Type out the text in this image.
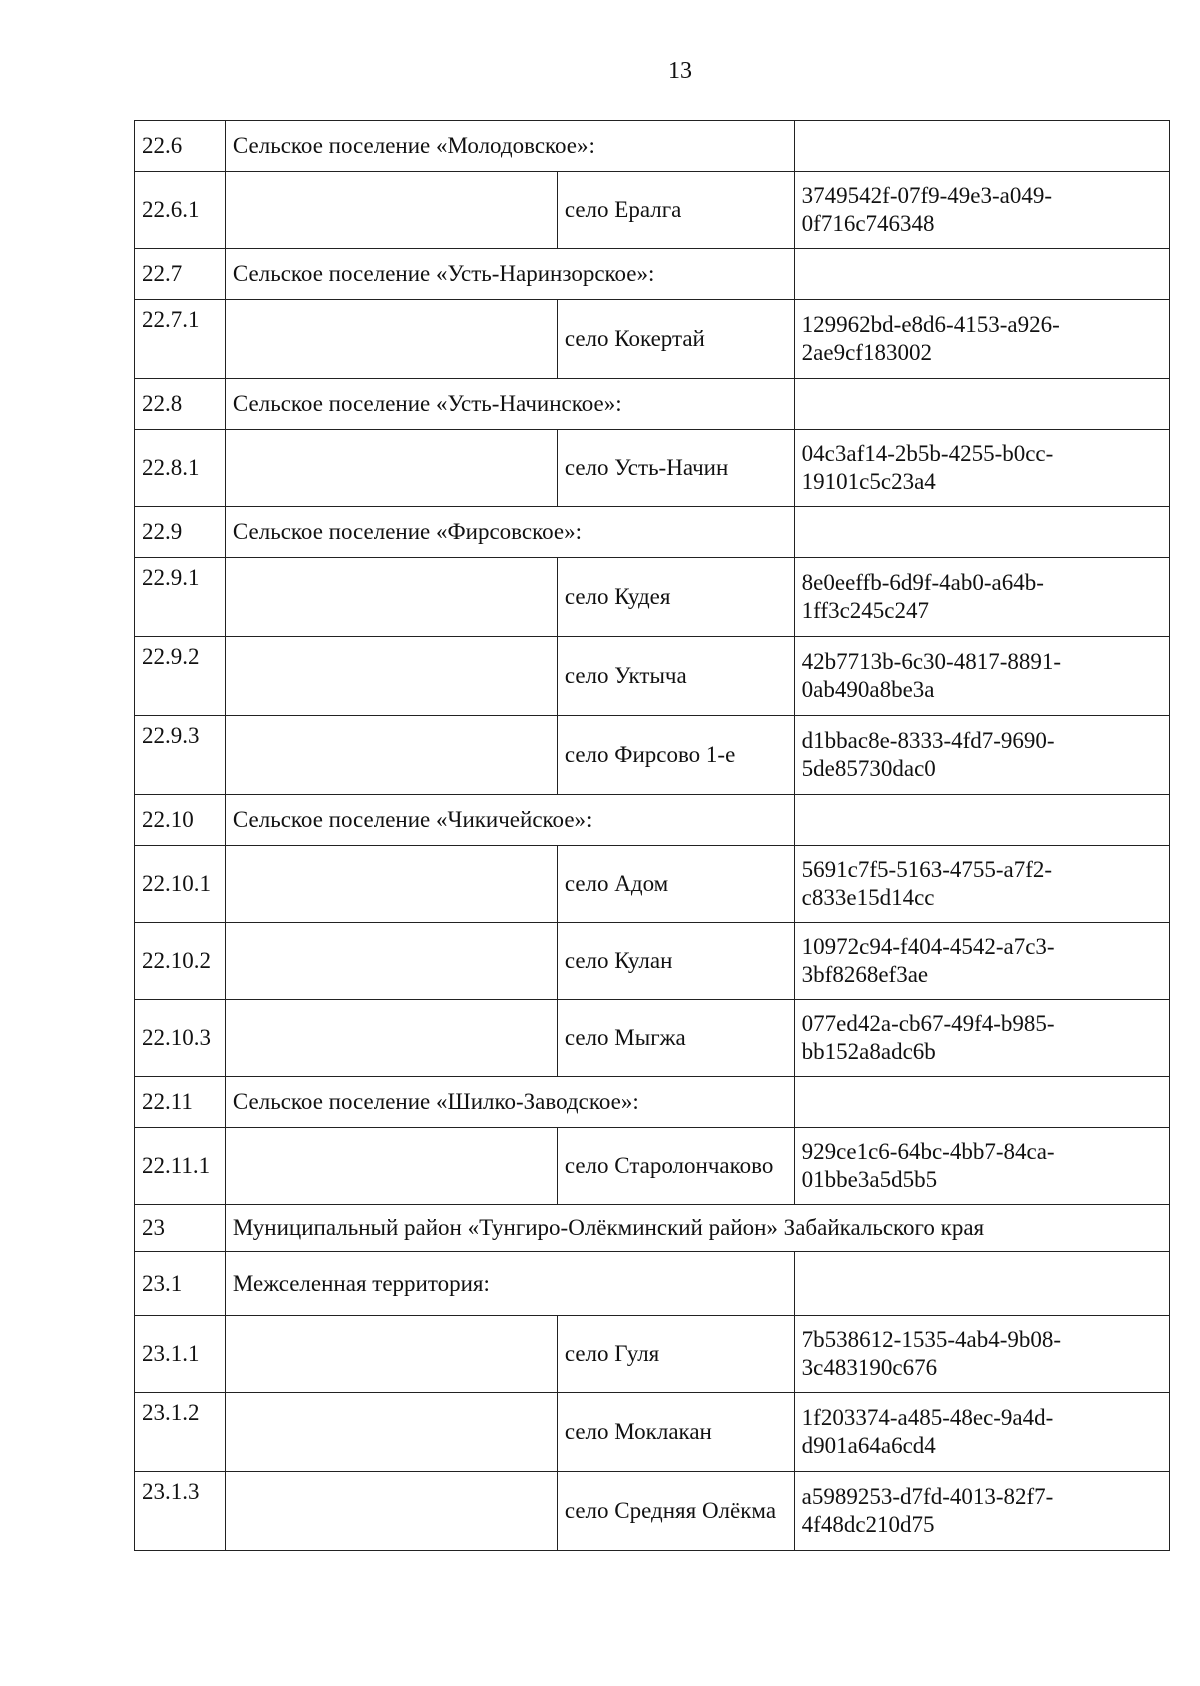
13
22.6	Сельское поселение «Молодовское»:		
22.6.1		село Ералга	3749542f-07f9-49e3-a049-0f716c746348
22.7	Сельское поселение «Усть-Наринзорское»:		
22.7.1		село Кокертай	129962bd-e8d6-4153-a926-2ae9cf183002
22.8	Сельское поселение «Усть-Начинское»:		
22.8.1		село Усть-Начин	04c3af14-2b5b-4255-b0cc-19101c5c23a4
22.9	Сельское поселение «Фирсовское»:		
22.9.1		село Кудея	8e0eeffb-6d9f-4ab0-a64b-1ff3c245c247
22.9.2		село Уктыча	42b7713b-6c30-4817-8891-0ab490a8be3a
22.9.3		село Фирсово 1-е	d1bbac8e-8333-4fd7-9690-5de85730dac0
22.10	Сельское поселение «Чикичейское»:		
22.10.1		село Адом	5691c7f5-5163-4755-a7f2-c833e15d14cc
22.10.2		село Кулан	10972c94-f404-4542-a7c3-3bf8268ef3ae
22.10.3		село Мыгжа	077ed42a-cb67-49f4-b985-bb152a8adc6b
22.11	Сельское поселение «Шилко-Заводское»:		
22.11.1		село Старолончаково	929ce1c6-64bc-4bb7-84ca-01bbe3a5d5b5
23	Муниципальный район «Тунгиро-Олёкминский район» Забайкальского края		
23.1	Межселенная территория:		
23.1.1		село Гуля	7b538612-1535-4ab4-9b08-3c483190c676
23.1.2		село Моклакан	1f203374-a485-48ec-9a4d-d901a64a6cd4
23.1.3		село Средняя Олёкма	a5989253-d7fd-4013-82f7-4f48dc210d75
